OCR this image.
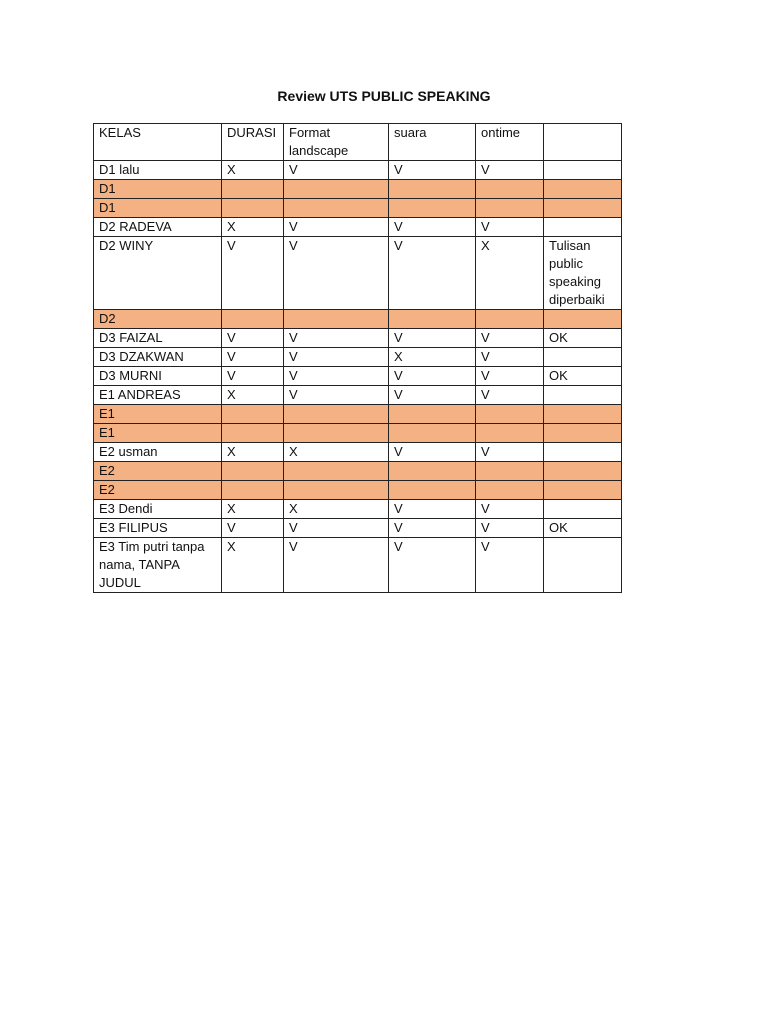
Review UTS PUBLIC SPEAKING
KELAS	DURASI	Format landscape	suara	ontime	
D1 lalu	X	V	V	V	
D1					
D1					
D2 RADEVA	X	V	V	V	
D2 WINY	V	V	V	X	Tulisan public speaking diperbaiki
D2					
D3 FAIZAL	V	V	V	V	OK
D3 DZAKWAN	V	V	X	V	
D3 MURNI	V	V	V	V	OK
E1 ANDREAS	X	V	V	V	
E1					
E1					
E2 usman	X	X	V	V	
E2					
E2					
E3 Dendi	X	X	V	V	
E3 FILIPUS	V	V	V	V	OK
E3 Tim putri tanpa nama, TANPA JUDUL	X	V	V	V	
